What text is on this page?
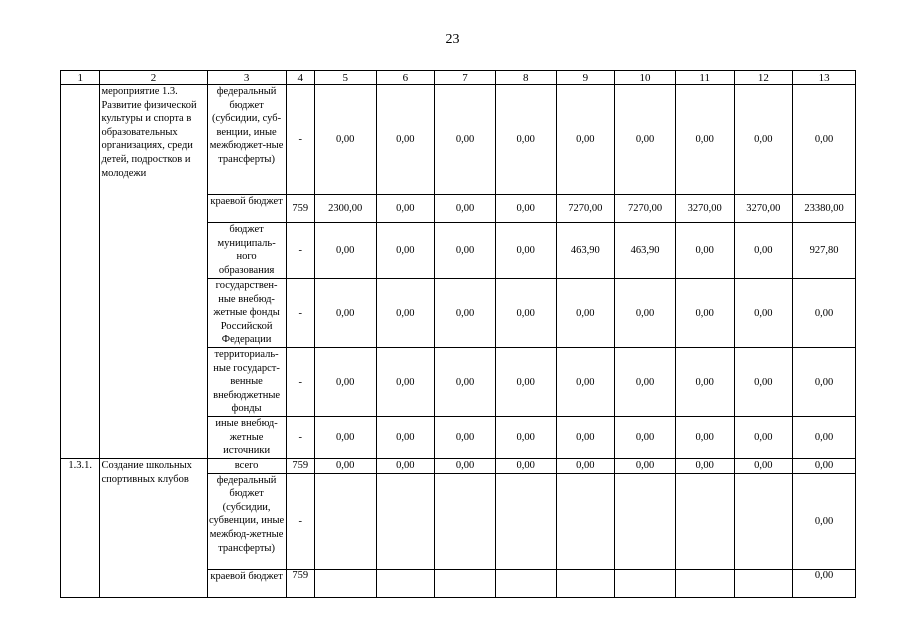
23
1	2	3	4	5	6	7	8	9	10	11	12	13
	мероприятие 1.3. Развитие физической культуры и спорта в образовательных организациях, среди детей, подростков и молодежи	федеральный бюджет (субсидии, суб-венции, иные межбюджет-ные трансферты)	-	0,00	0,00	0,00	0,00	0,00	0,00	0,00	0,00	0,00
		краевой бюджет	759	2300,00	0,00	0,00	0,00	7270,00	7270,00	3270,00	3270,00	23380,00
		бюджет муниципаль-ного образования	-	0,00	0,00	0,00	0,00	463,90	463,90	0,00	0,00	927,80
		государствен-ные внебюд-жетные фонды Российской Федерации	-	0,00	0,00	0,00	0,00	0,00	0,00	0,00	0,00	0,00
		территориаль-ные государст-венные внебюджетные фонды	-	0,00	0,00	0,00	0,00	0,00	0,00	0,00	0,00	0,00
		иные внебюд-жетные источники	-	0,00	0,00	0,00	0,00	0,00	0,00	0,00	0,00	0,00
1.3.1.	Создание школьных спортивных клубов	всего	759	0,00	0,00	0,00	0,00	0,00	0,00	0,00	0,00	0,00
		федеральный бюджет (субсидии, субвенции, иные межбюд-жетные трансферты)	-									0,00
		краевой бюджет	759									0,00
